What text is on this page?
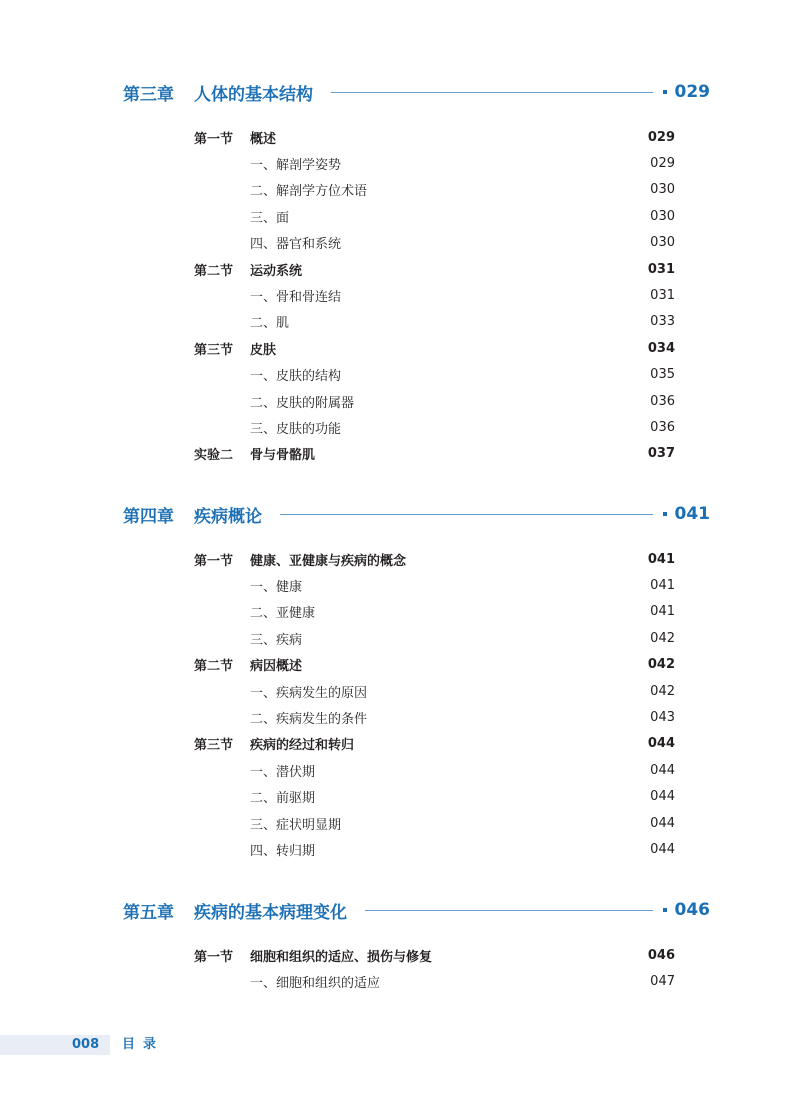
第三章 人体的基本结构	029
第一节	概述	029
一、解剖学姿势	029
二、解剖学方位术语	030
三、面	030
四、器官和系统	030
第二节	运动系统	031
一、骨和骨连结	031
二、肌	033
第三节	皮肤	034
一、皮肤的结构	035
二、皮肤的附属器	036
三、皮肤的功能	036
实验二	骨与骨骼肌	037
第四章 疾病概论	041
第一节	健康、亚健康与疾病的概念	041
一、健康	041
二、亚健康	041
三、疾病	042
第二节	病因概述	042
一、疾病发生的原因	042
二、疾病发生的条件	043
第三节	疾病的经过和转归	044
一、潜伏期	044
二、前驱期	044
三、症状明显期	044
四、转归期	044
第五章 疾病的基本病理变化	046
第一节	细胞和组织的适应、损伤与修复	046
一、细胞和组织的适应	047
008 目录
